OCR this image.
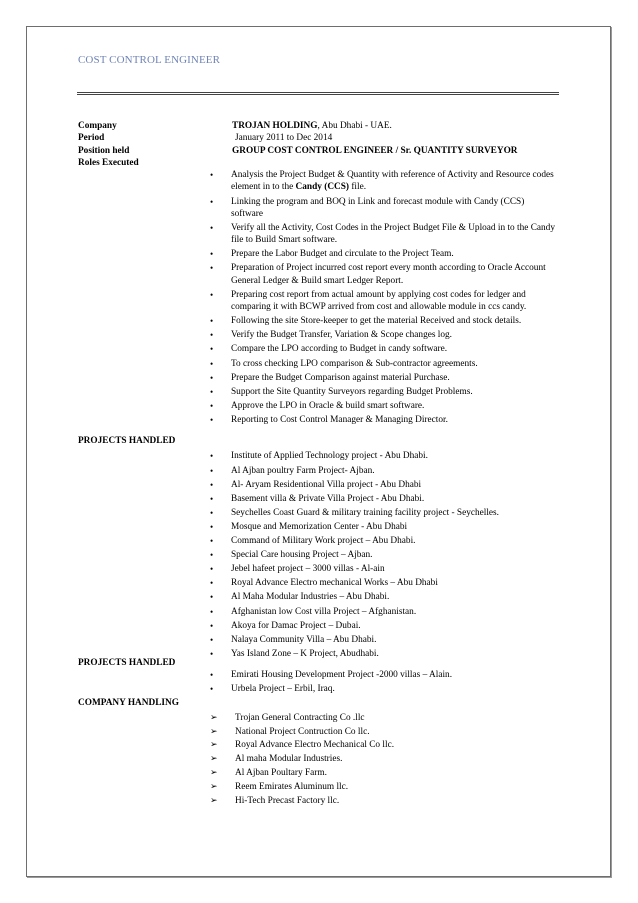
COST CONTROL ENGINEER
Company	TROJAN HOLDING, Abu Dhabi - UAE.
Period	January 2011 to Dec 2014
Position held	GROUP COST CONTROL ENGINEER / Sr. QUANTITY SURVEYOR
Roles Executed
• Analysis the Project Budget & Quantity with reference of Activity and Resource codes element in to the Candy (CCS) file.
• Linking the program and BOQ in Link and forecast module with Candy (CCS) software
• Verify all the Activity, Cost Codes in the Project Budget File & Upload in to the Candy file to Build Smart software.
• Prepare the Labor Budget and circulate to the Project Team.
• Preparation of Project incurred cost report every month according to Oracle Account General Ledger & Build smart Ledger Report.
• Preparing cost report from actual amount by applying cost codes for ledger and comparing it with BCWP arrived from cost and allowable module in ccs candy.
• Following the site Store-keeper to get the material Received and stock details.
• Verify the Budget Transfer, Variation & Scope changes log.
• Compare the LPO according to Budget in candy software.
• To cross checking LPO comparison & Sub-contractor agreements.
• Prepare the Budget Comparison against material Purchase.
• Support the Site Quantity Surveyors regarding Budget Problems.
• Approve the LPO in Oracle & build smart software.
• Reporting to Cost Control Manager & Managing Director.
PROJECTS HANDLED
• Institute of Applied Technology project - Abu Dhabi.
• Al Ajban poultry Farm Project- Ajban.
• Al- Aryam Residentional Villa project - Abu Dhabi
• Basement villa & Private Villa Project - Abu Dhabi.
• Seychelles Coast Guard & military training facility project - Seychelles.
• Mosque and Memorization Center - Abu Dhabi
• Command of Military Work project – Abu Dhabi.
• Special Care housing Project – Ajban.
• Jebel hafeet project – 3000 villas - Al-ain
• Royal Advance Electro mechanical Works – Abu Dhabi
• Al Maha Modular Industries – Abu Dhabi.
• Afghanistan low Cost villa Project – Afghanistan.
• Akoya for Damac Project – Dubai.
• Nalaya Community Villa – Abu Dhabi.
• Yas Island Zone – K Project, Abudhabi.
PROJECTS HANDLED
• Emirati Housing Development Project -2000 villas – Alain.
• Urbela Project – Erbil, Iraq.
COMPANY HANDLING
➢ Trojan General Contracting Co .llc
➢ National Project Contruction Co llc.
➢ Royal Advance Electro Mechanical Co llc.
➢ Al maha Modular Industries.
➢ Al Ajban Poultary Farm.
➢ Reem Emirates Aluminum llc.
➢ Hi-Tech Precast Factory llc.
